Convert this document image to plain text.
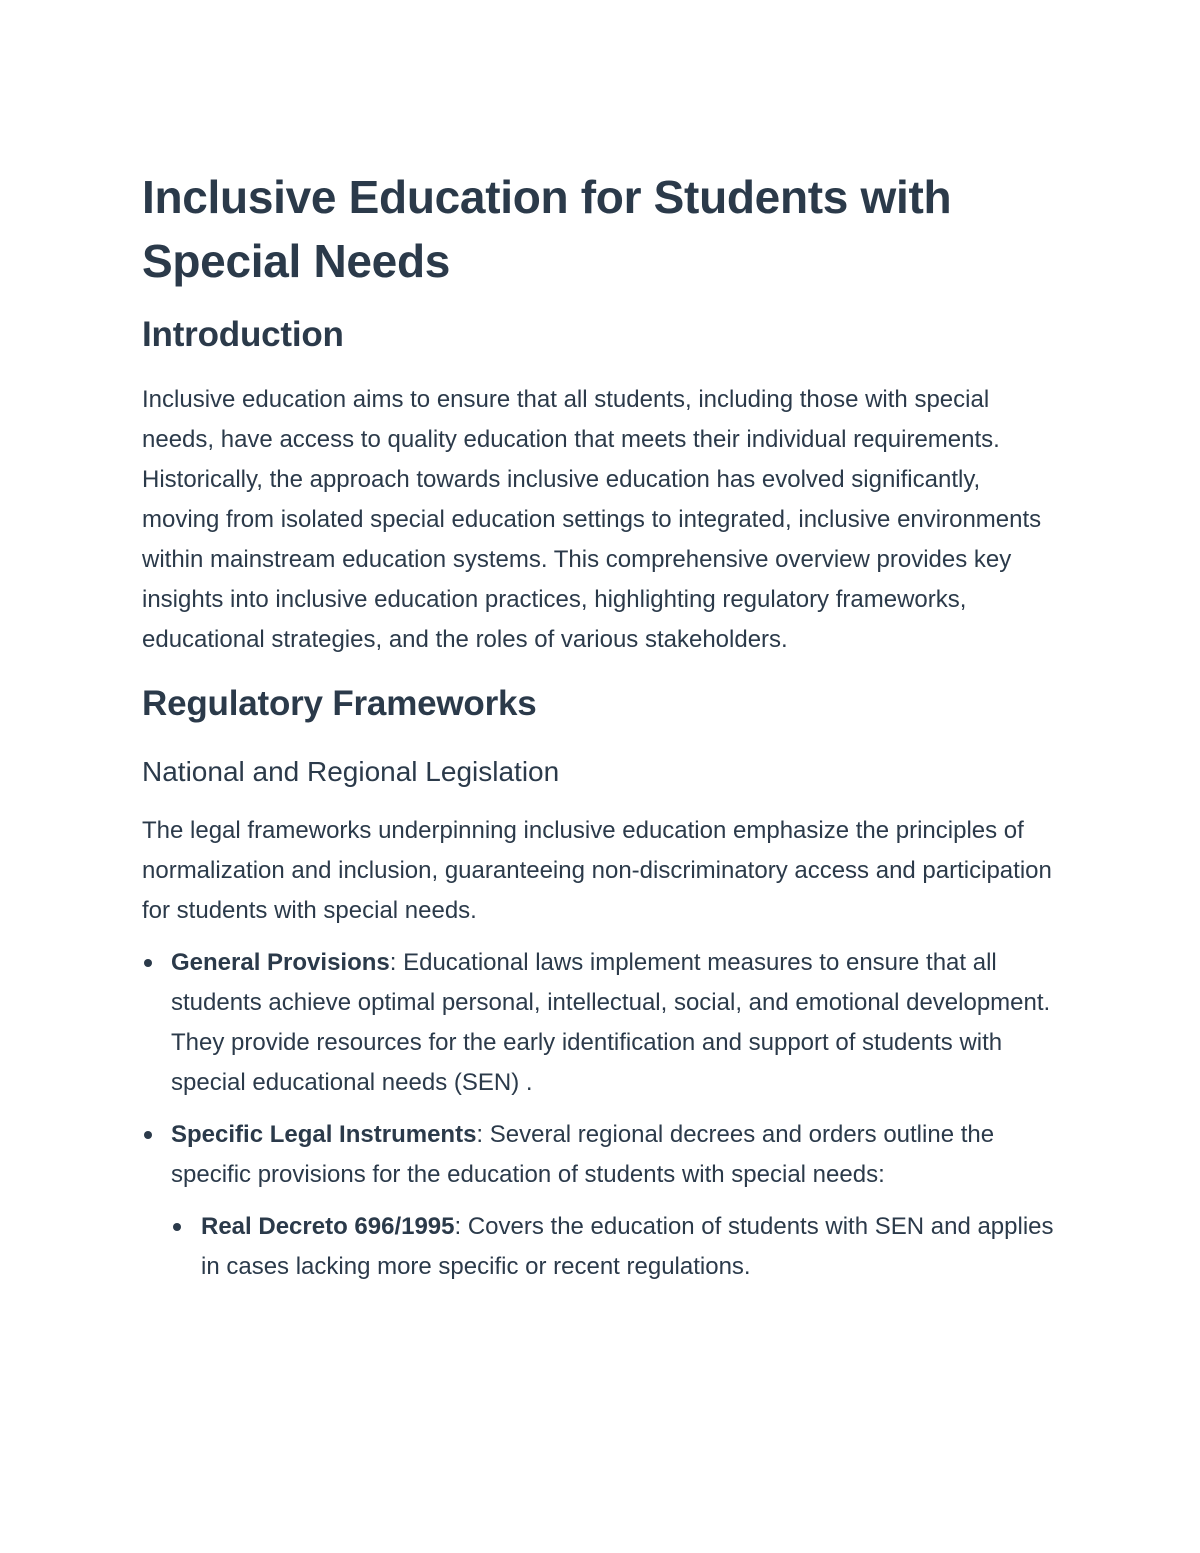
Inclusive Education for Students with Special Needs
Introduction

Inclusive education aims to ensure that all students, including those with special needs, have access to quality education that meets their individual requirements. Historically, the approach towards inclusive education has evolved significantly, moving from isolated special education settings to integrated, inclusive environments within mainstream education systems. This comprehensive overview provides key insights into inclusive education practices, highlighting regulatory frameworks, educational strategies, and the roles of various stakeholders.

Regulatory Frameworks
National and Regional Legislation

The legal frameworks underpinning inclusive education emphasize the principles of normalization and inclusion, guaranteeing non-discriminatory access and participation for students with special needs.

General Provisions: Educational laws implement measures to ensure that all students achieve optimal personal, intellectual, social, and emotional development. They provide resources for the early identification and support of students with special educational needs (SEN) .
Specific Legal Instruments: Several regional decrees and orders outline the specific provisions for the education of students with special needs:
Real Decreto 696/1995: Covers the education of students with SEN and applies in cases lacking more specific or recent regulations.
